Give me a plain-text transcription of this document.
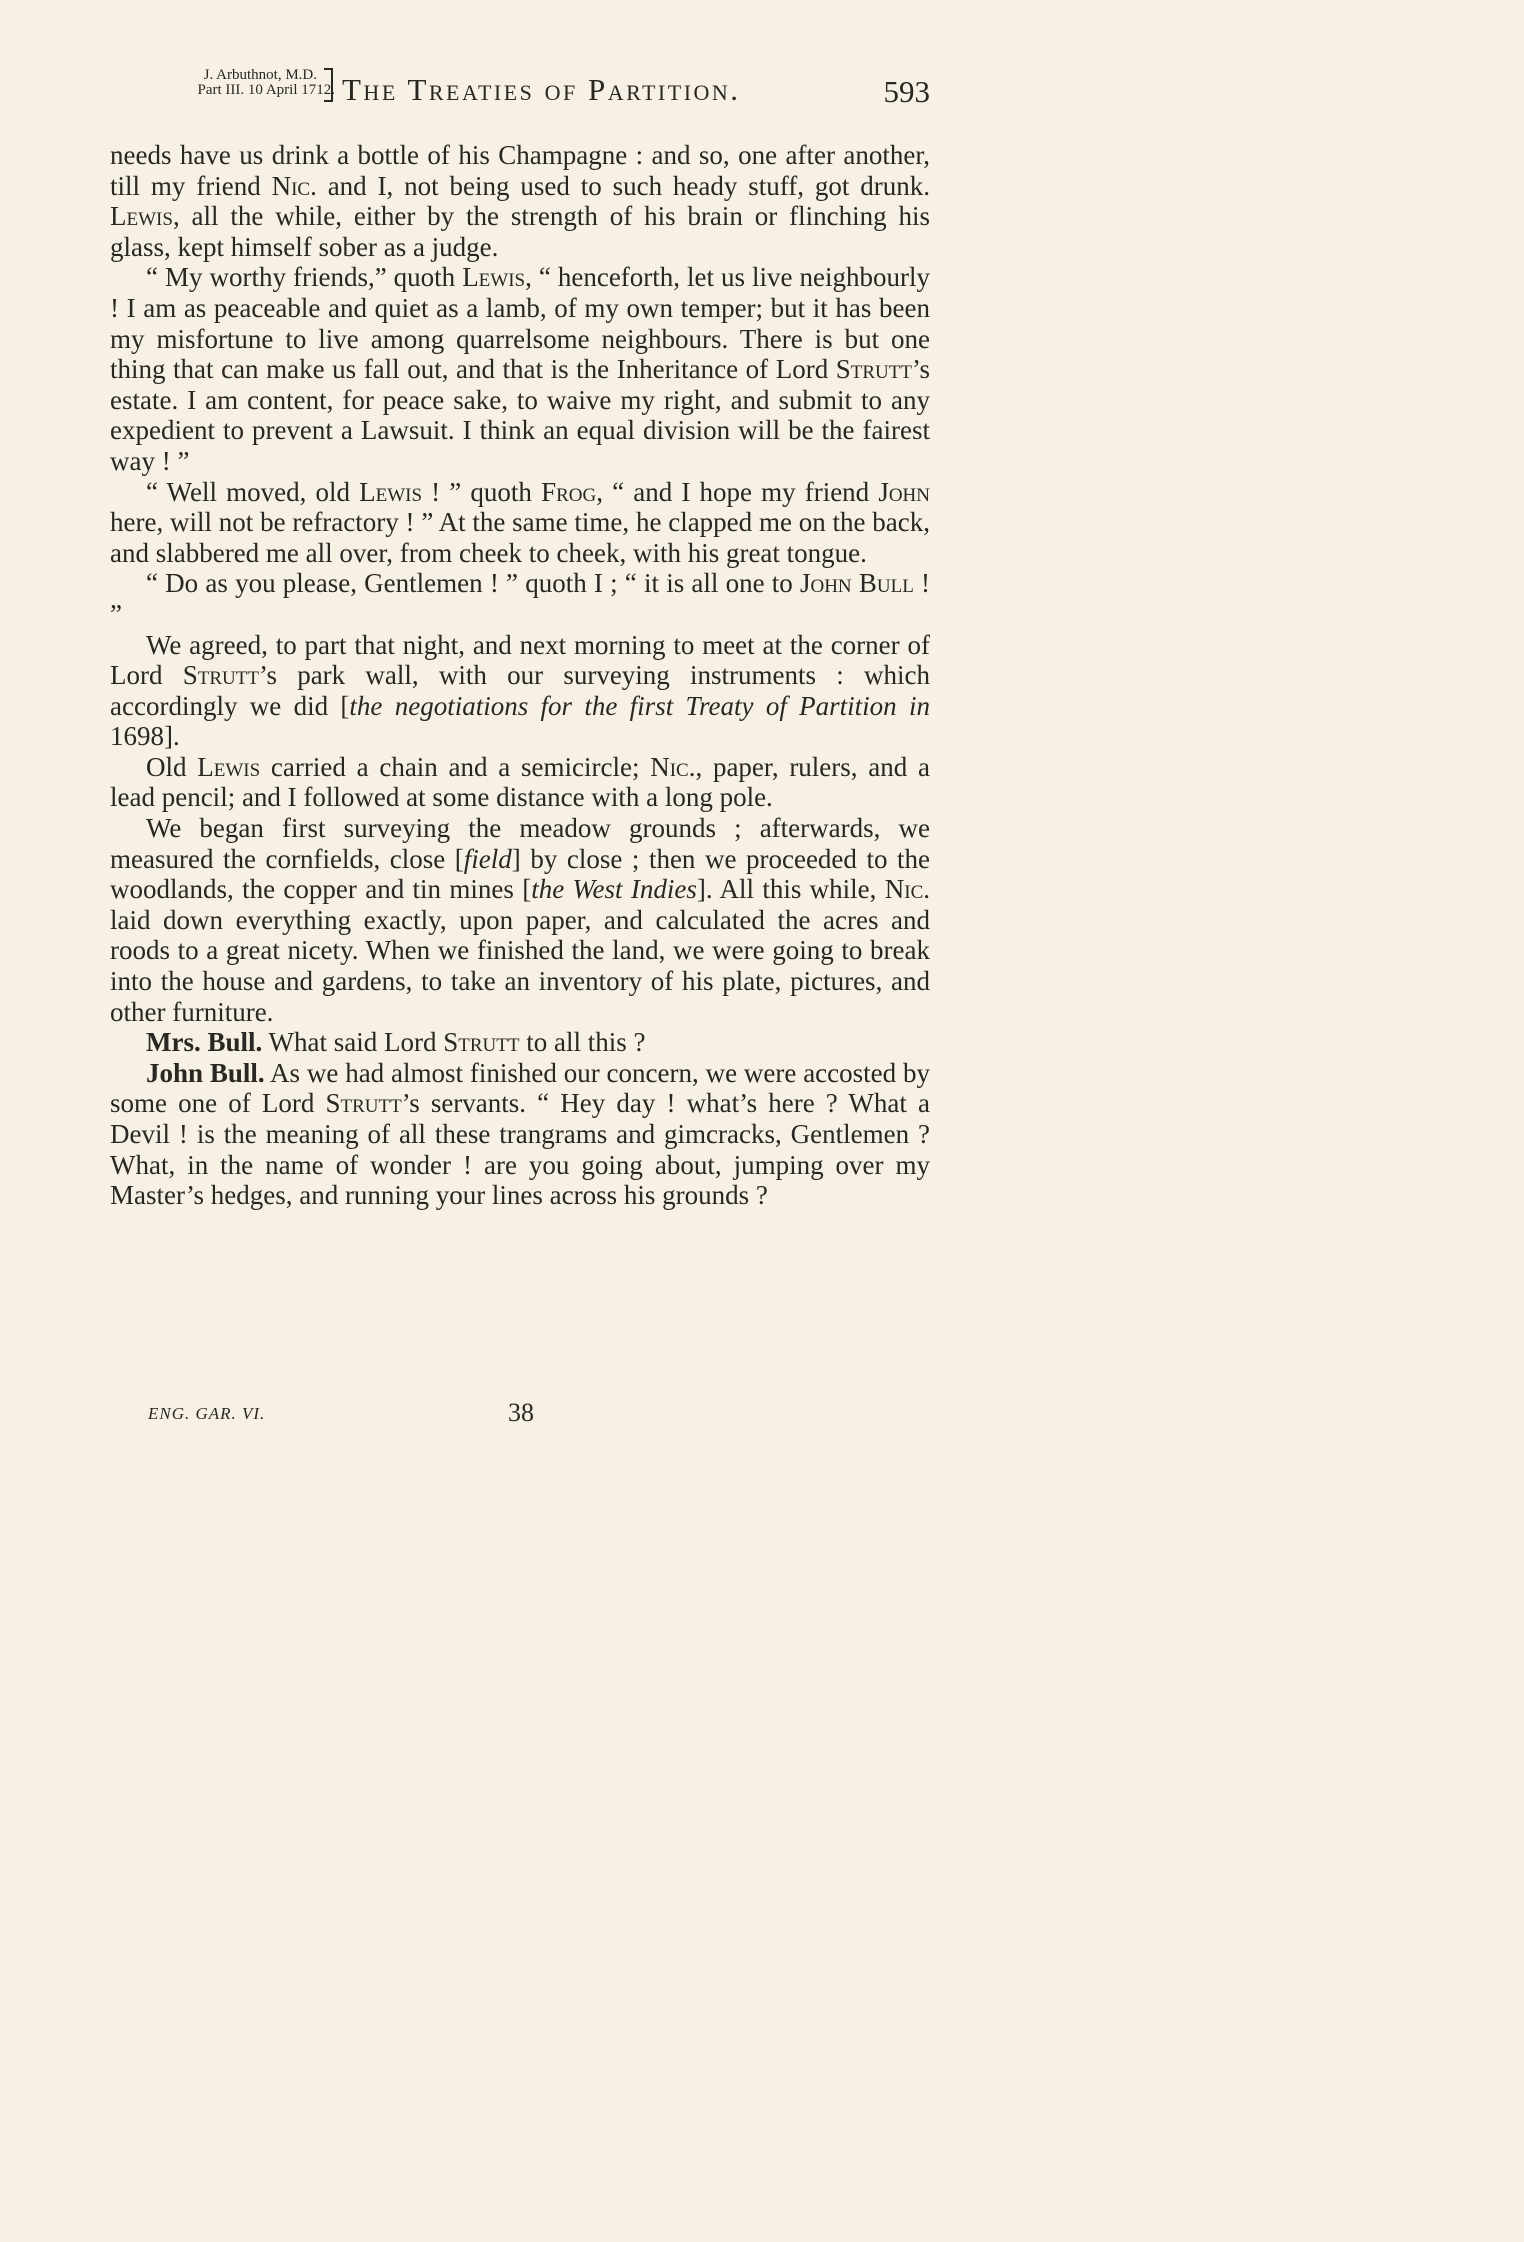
J. Arbuthnot, M.D.
Part III. 10 April 1712. The Treaties of Partition.	593

needs have us drink a bottle of his Champagne : and so, one after another, till my friend Nic. and I, not being used to such heady stuff, got drunk. Lewis, all the while, either by the strength of his brain or flinching his glass, kept himself sober as a judge.

“ My worthy friends,” quoth Lewis, “ henceforth, let us live neighbourly ! I am as peaceable and quiet as a lamb, of my own temper; but it has been my misfortune to live among quarrelsome neighbours. There is but one thing that can make us fall out, and that is the Inheritance of Lord Strutt’s estate. I am content, for peace sake, to waive my right, and submit to any expedient to prevent a Lawsuit. I think an equal division will be the fairest way ! ”

“ Well moved, old Lewis ! ” quoth Frog, “ and I hope my friend John here, will not be refractory ! ” At the same time, he clapped me on the back, and slabbered me all over, from cheek to cheek, with his great tongue.

“ Do as you please, Gentlemen ! ” quoth I ; “ it is all one to John Bull ! ”

We agreed, to part that night, and next morning to meet at the corner of Lord Strutt’s park wall, with our surveying instruments : which accordingly we did [the negotiations for the first Treaty of Partition in 1698].

Old Lewis carried a chain and a semicircle; Nic., paper, rulers, and a lead pencil; and I followed at some distance with a long pole.

We began first surveying the meadow grounds ; afterwards, we measured the cornfields, close [field] by close ; then we proceeded to the woodlands, the copper and tin mines [the West Indies]. All this while, Nic. laid down everything exactly, upon paper, and calculated the acres and roods to a great nicety. When we finished the land, we were going to break into the house and gardens, to take an inventory of his plate, pictures, and other furniture.

Mrs. Bull. What said Lord Strutt to all this ?

John Bull. As we had almost finished our concern, we were accosted by some one of Lord Strutt’s servants. “ Hey day ! what’s here ? What a Devil ! is the meaning of all these trangrams and gimcracks, Gentlemen ? What, in the name of wonder ! are you going about, jumping over my Master’s hedges, and running your lines across his grounds ?

ENG. GAR. VI.	38
